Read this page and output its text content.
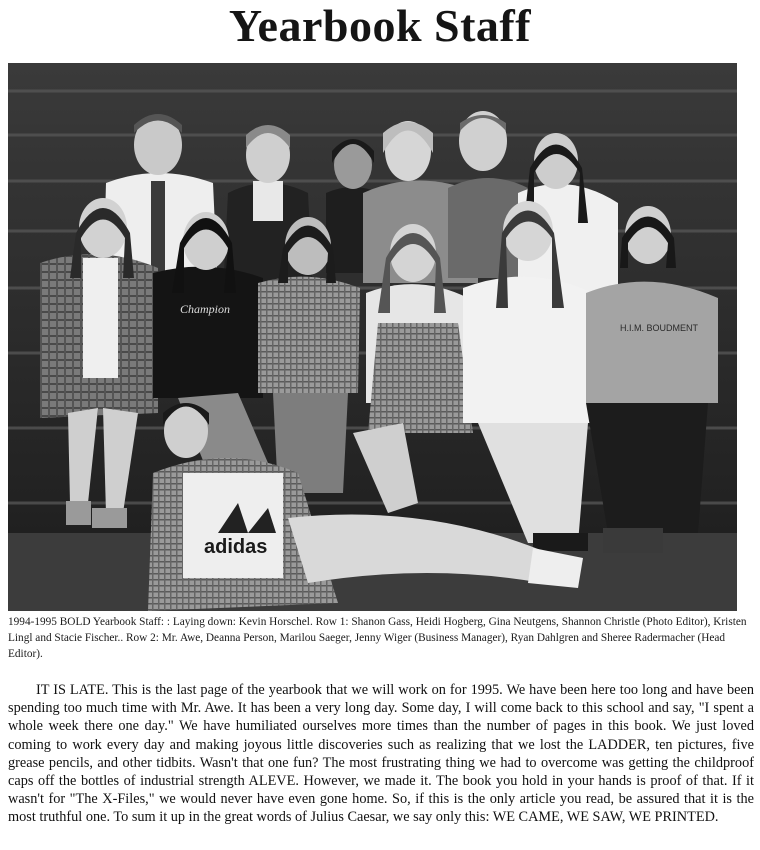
Yearbook Staff
Champion
H.I.M. BOUDMENT
adidas
1994-1995 BOLD Yearbook Staff: : Laying down: Kevin Horschel. Row 1: Shanon Gass, Heidi Hogberg, Gina Neutgens, Shannon Christle (Photo Editor), Kristen Lingl and Stacie Fischer.. Row 2: Mr. Awe, Deanna Person, Marilou Saeger, Jenny Wiger (Business Manager), Ryan Dahlgren and Sheree Radermacher (Head Editor).
IT IS LATE. This is the last page of the yearbook that we will work on for 1995. We have been here too long and have been spending too much time with Mr. Awe. It has been a very long day. Some day, I will come back to this school and say, "I spent a whole week there one day." We have humiliated ourselves more times than the number of pages in this book. We just loved coming to work every day and making joyous little discoveries such as realizing that we lost the LADDER, ten pictures, five grease pencils, and other tidbits. Wasn't that one fun? The most frustrating thing we had to overcome was getting the childproof caps off the bottles of industrial strength ALEVE. However, we made it. The book you hold in your hands is proof of that. If it wasn't for "The X-Files," we would never have even gone home. So, if this is the only article you read, be assured that it is the most truthful one. To sum it up in the great words of Julius Caesar, we say only this: WE CAME, WE SAW, WE PRINTED.
